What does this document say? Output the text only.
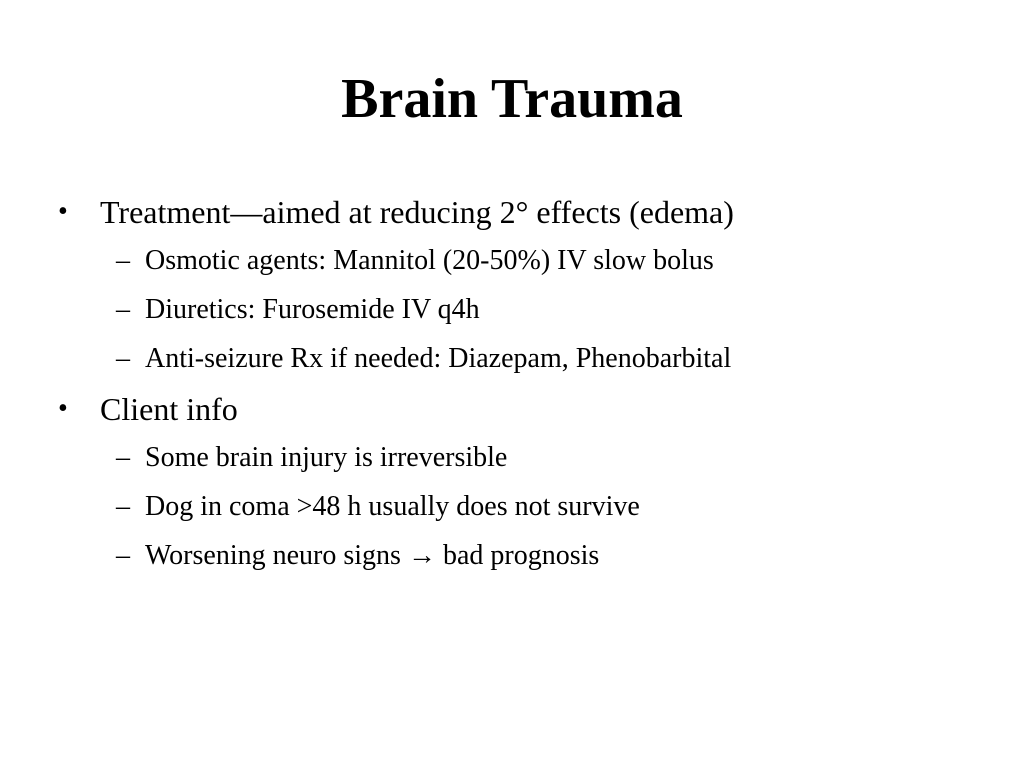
Brain Trauma

• Treatment—aimed at reducing 2° effects (edema)

– Osmotic agents: Mannitol (20-50%) IV slow bolus

– Diuretics: Furosemide IV q4h

– Anti-seizure Rx if needed: Diazepam, Phenobarbital

• Client info

– Some brain injury is irreversible

– Dog in coma >48 h usually does not survive

– Worsening neuro signs → bad prognosis
